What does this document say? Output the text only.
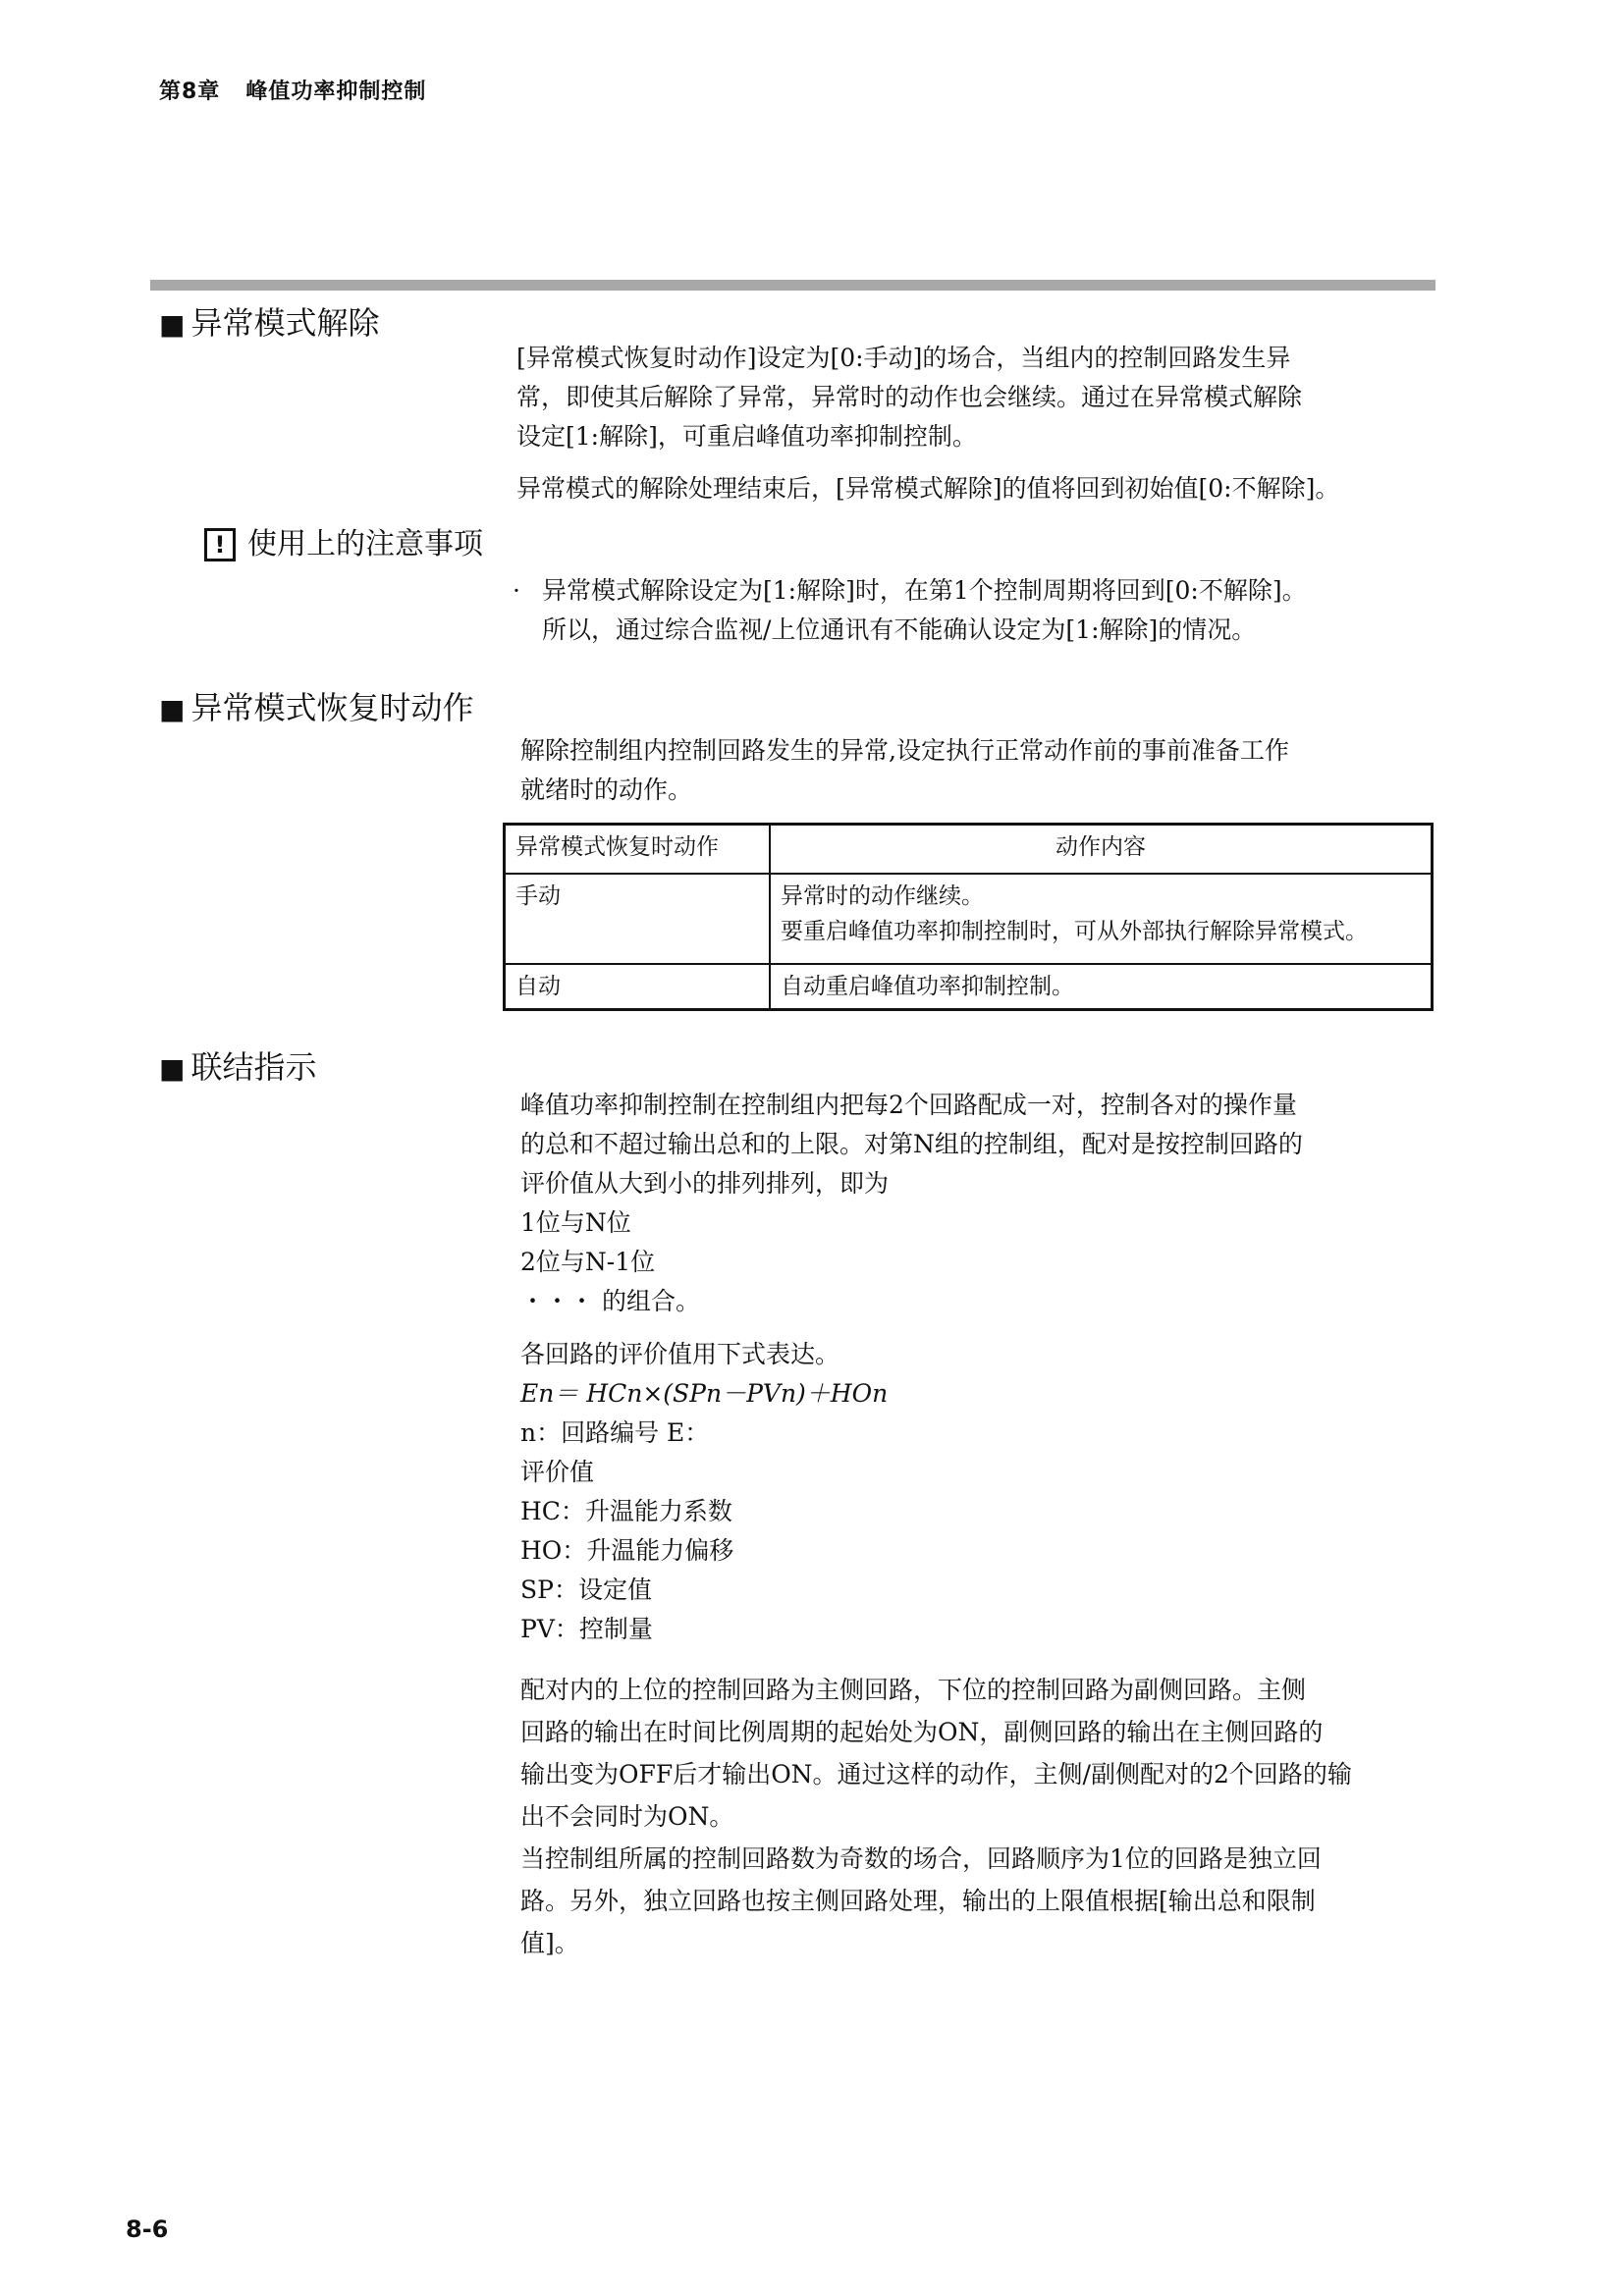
第8章 峰值功率抑制控制
■ 异常模式解除

[异常模式恢复时动作]设定为[0:手动]的场合，当组内的控制回路发生异
常，即使其后解除了异常，异常时的动作也会继续。通过在异常模式解除
设定[1:解除]，可重启峰值功率抑制控制。

异常模式的解除处理结束后，[异常模式解除]的值将回到初始值[0:不解除]。

! 使用上的注意事项
· 异常模式解除设定为[1:解除]时，在第1个控制周期将回到[0:不解除]。
所以，通过综合监视/上位通讯有不能确认设定为[1:解除]的情况。
■ 异常模式恢复时动作

解除控制组内控制回路发生的异常,设定执行正常动作前的事前准备工作
就绪时的动作。

异常模式恢复时动作	动作内容
手动	异常时的动作继续。
要重启峰值功率抑制控制时，可从外部执行解除异常模式。

自动	自动重启峰值功率抑制控制。
■ 联结指示

峰值功率抑制控制在控制组内把每2个回路配成一对，控制各对的操作量
的总和不超过输出总和的上限。对第N组的控制组，配对是按控制回路的
评价值从大到小的排列排列，即为
1位与N位
2位与N-1位
・・・ 的组合。

各回路的评价值用下式表达。
En＝ HCn×(SPn－PVn)＋HOn
n：回路编号 E：
评价值
HC：升温能力系数
HO：升温能力偏移
SP：设定值
PV：控制量

配对内的上位的控制回路为主侧回路，下位的控制回路为副侧回路。主侧
回路的输出在时间比例周期的起始处为ON，副侧回路的输出在主侧回路的
输出变为OFF后才输出ON。通过这样的动作，主侧/副侧配对的2个回路的输
出不会同时为ON。
当控制组所属的控制回路数为奇数的场合，回路顺序为1位的回路是独立回
路。另外，独立回路也按主侧回路处理，输出的上限值根据[输出总和限制
值]。

8-6
